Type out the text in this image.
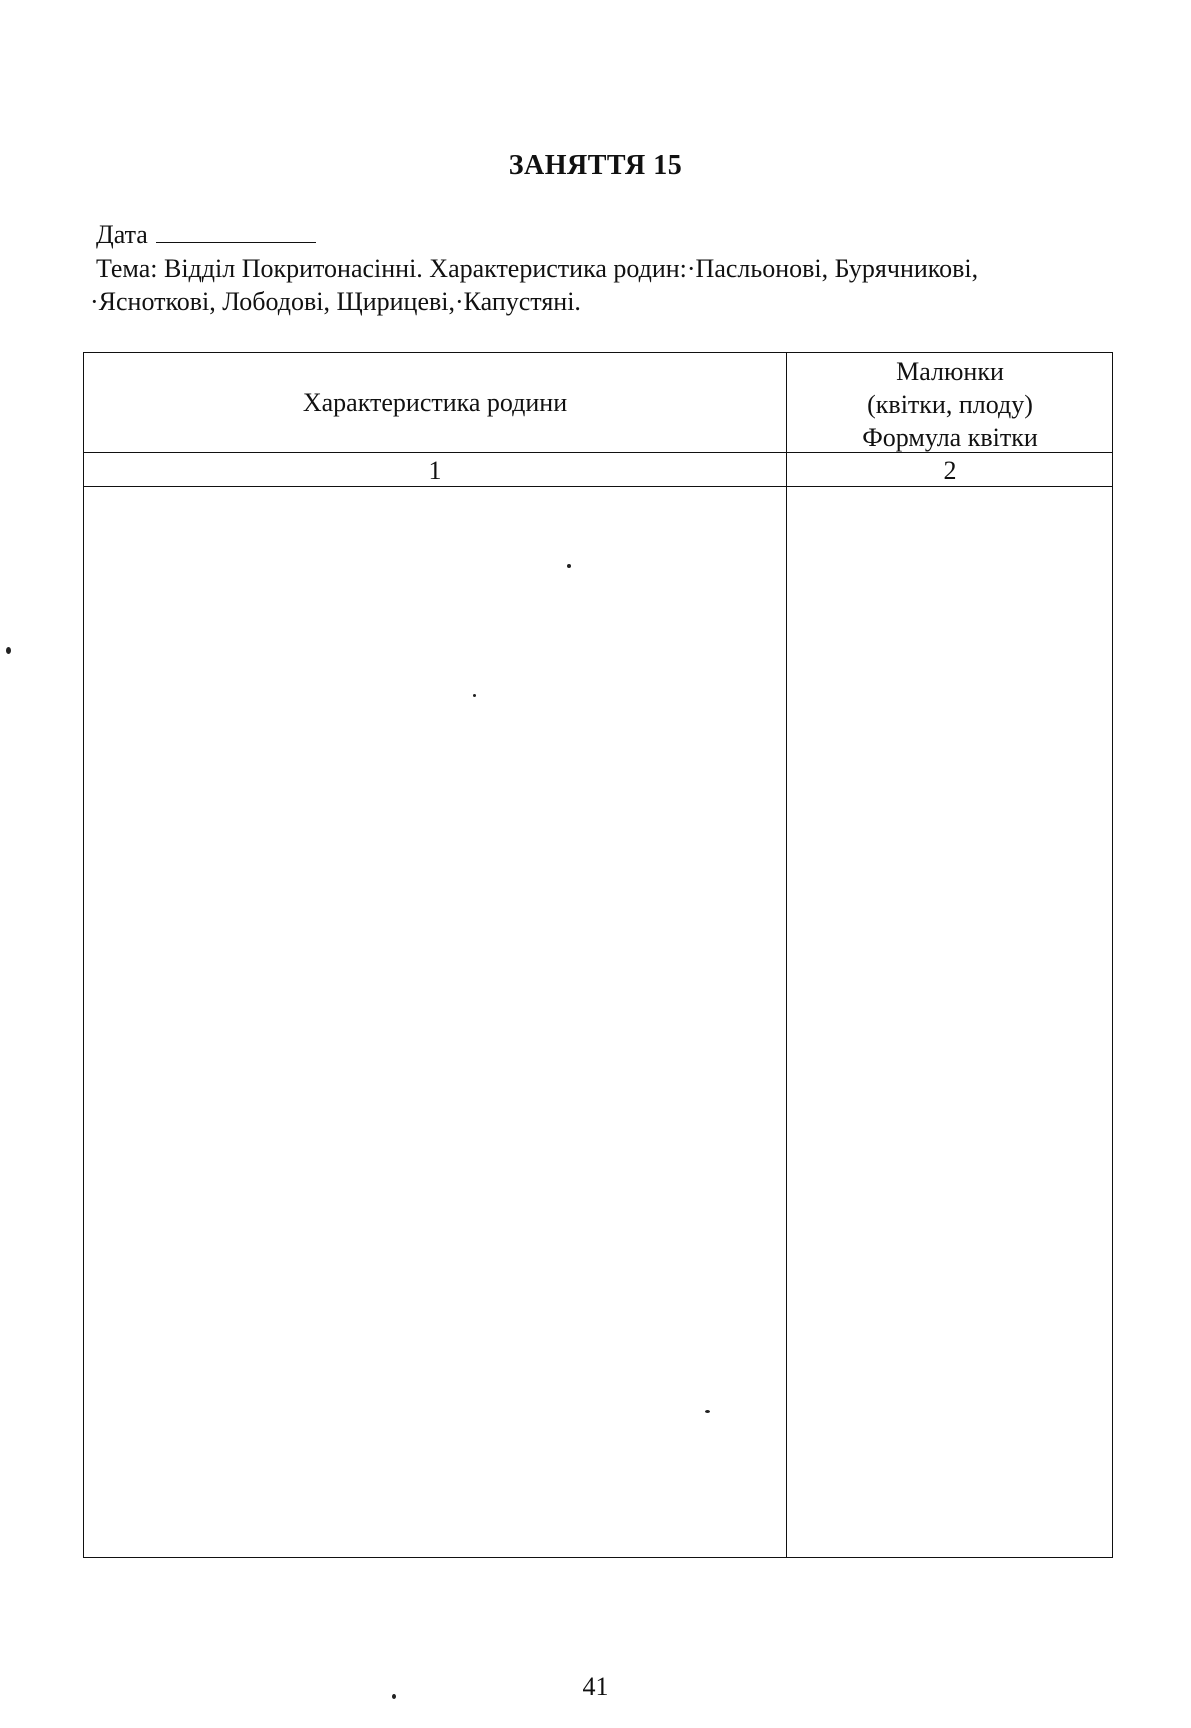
ЗАНЯТТЯ 15
Дата
Тема: Відділ Покритонасінні. Характеристика родин:·Пасльонові, Бурячникові,
·Ясноткові, Лободові, Щирицеві,·Капустяні.
Характеристика родини
Малюнки
(квітки, плоду)
Формула квітки
1	2
41
